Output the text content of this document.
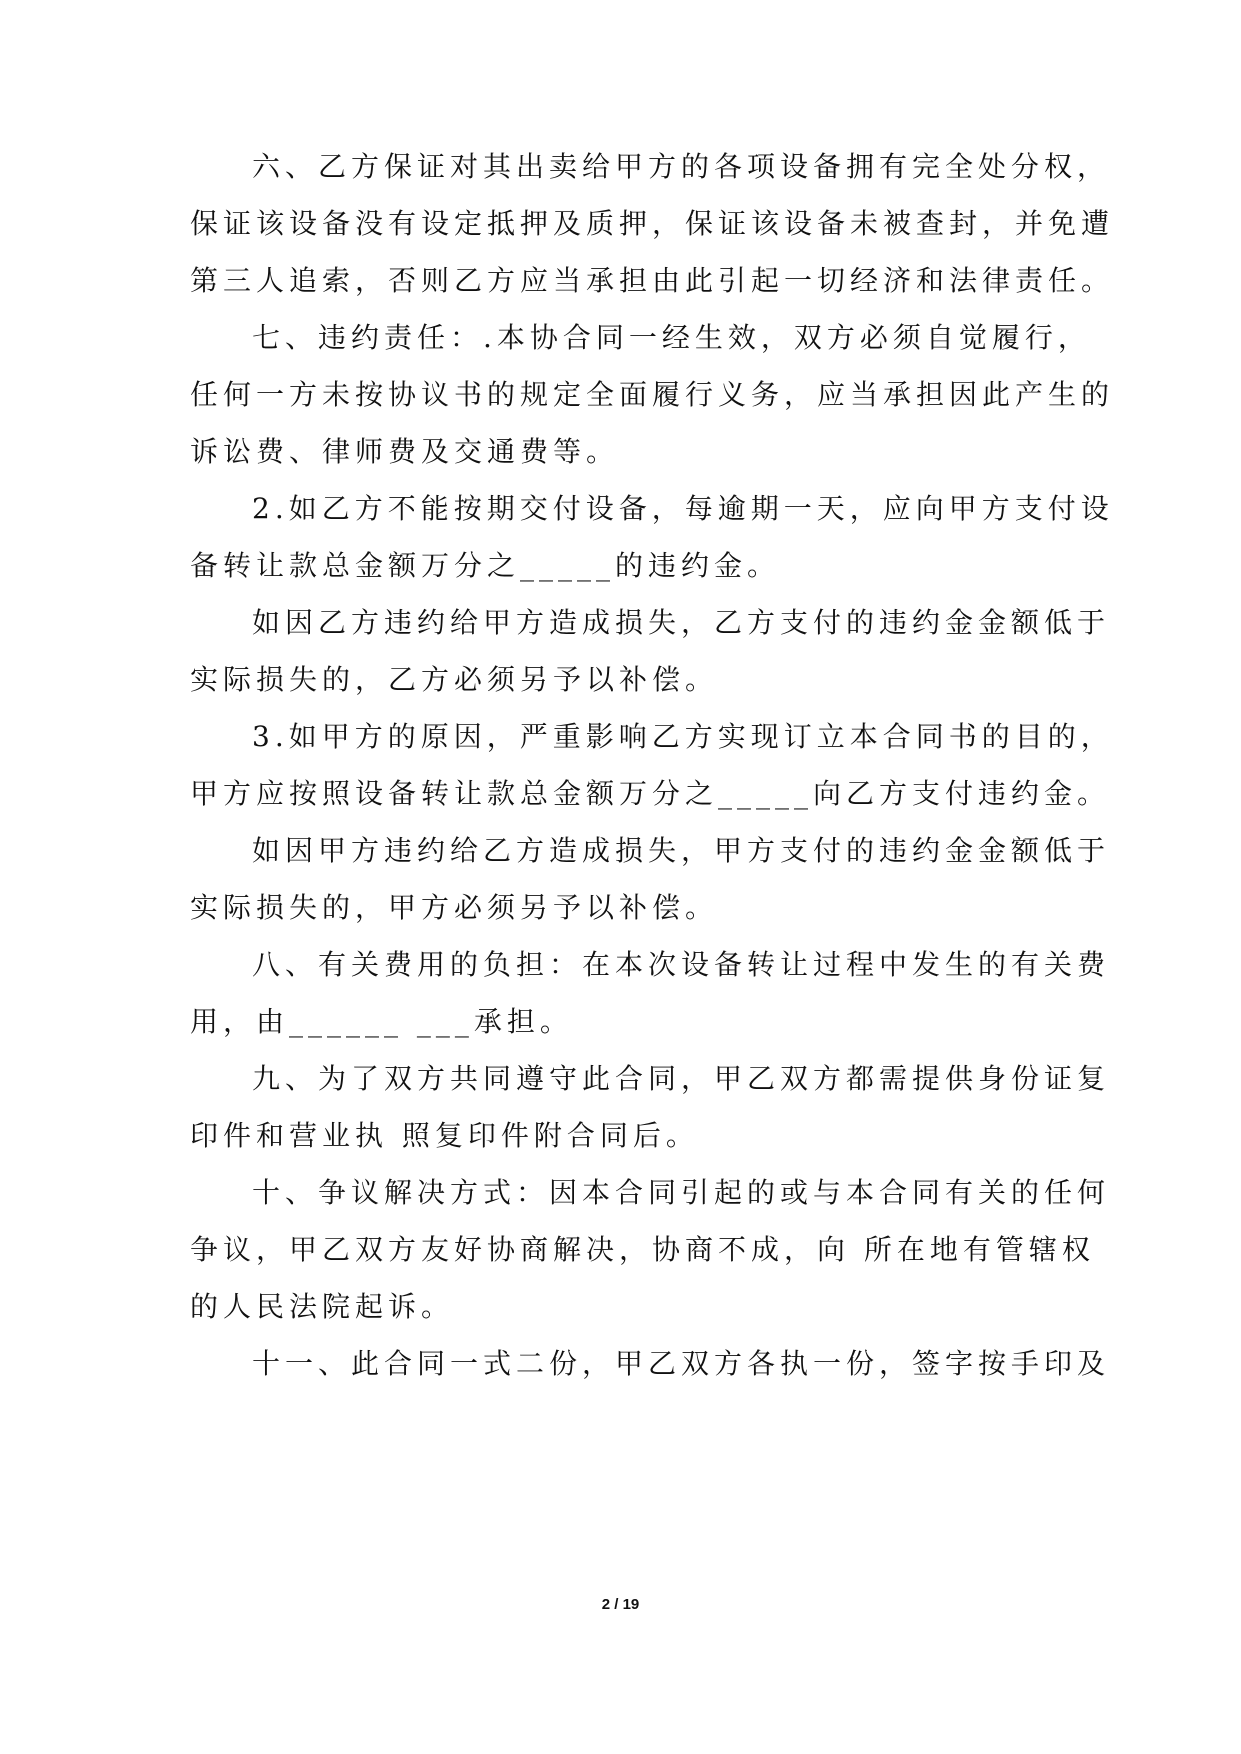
六、乙方保证对其出卖给甲方的各项设备拥有完全处分权，
保证该设备没有设定抵押及质押，保证该设备未被查封，并免遭
第三人追索，否则乙方应当承担由此引起一切经济和法律责任。
七、违约责任：.本协合同一经生效，双方必须自觉履行，
任何一方未按协议书的规定全面履行义务，应当承担因此产生的
诉讼费、律师费及交通费等。
2.如乙方不能按期交付设备，每逾期一天，应向甲方支付设
备转让款总金额万分之_____的违约金。
如因乙方违约给甲方造成损失，乙方支付的违约金金额低于
实际损失的，乙方必须另予以补偿。
3.如甲方的原因，严重影响乙方实现订立本合同书的目的，
甲方应按照设备转让款总金额万分之_____向乙方支付违约金。
如因甲方违约给乙方造成损失，甲方支付的违约金金额低于
实际损失的，甲方必须另予以补偿。
八、有关费用的负担：在本次设备转让过程中发生的有关费
用，由______ ___承担。
九、为了双方共同遵守此合同，甲乙双方都需提供身份证复
印件和营业执 照复印件附合同后。
十、争议解决方式：因本合同引起的或与本合同有关的任何
争议，甲乙双方友好协商解决，协商不成，向 所在地有管辖权
的人民法院起诉。
十一、此合同一式二份，甲乙双方各执一份，签字按手印及
2 / 19
